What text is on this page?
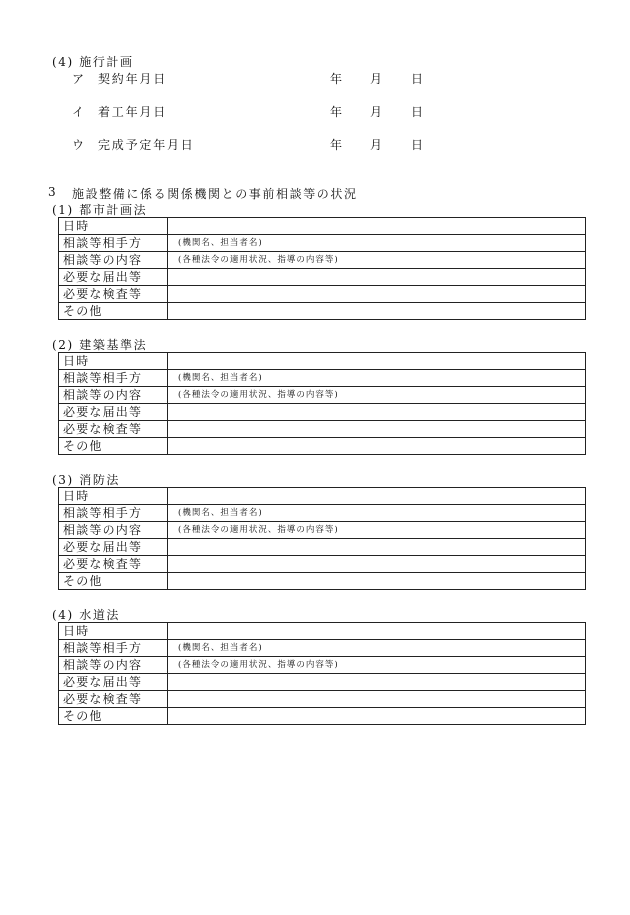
(4) 施行計画
ア 契約年月日	年 月 日
イ 着工年月日	年 月 日
ウ 完成予定年月日	年 月 日
3 施設整備に係る関係機関との事前相談等の状況
(1) 都市計画法
日時	
相談等相手方	(機関名、担当者名)
相談等の内容	(各種法令の適用状況、指導の内容等)
必要な届出等	
必要な検査等	
その他	
(2) 建築基準法
日時	
相談等相手方	(機関名、担当者名)
相談等の内容	(各種法令の適用状況、指導の内容等)
必要な届出等	
必要な検査等	
その他	
(3) 消防法
日時	
相談等相手方	(機関名、担当者名)
相談等の内容	(各種法令の適用状況、指導の内容等)
必要な届出等	
必要な検査等	
その他	
(4) 水道法
日時	
相談等相手方	(機関名、担当者名)
相談等の内容	(各種法令の適用状況、指導の内容等)
必要な届出等	
必要な検査等	
その他	
